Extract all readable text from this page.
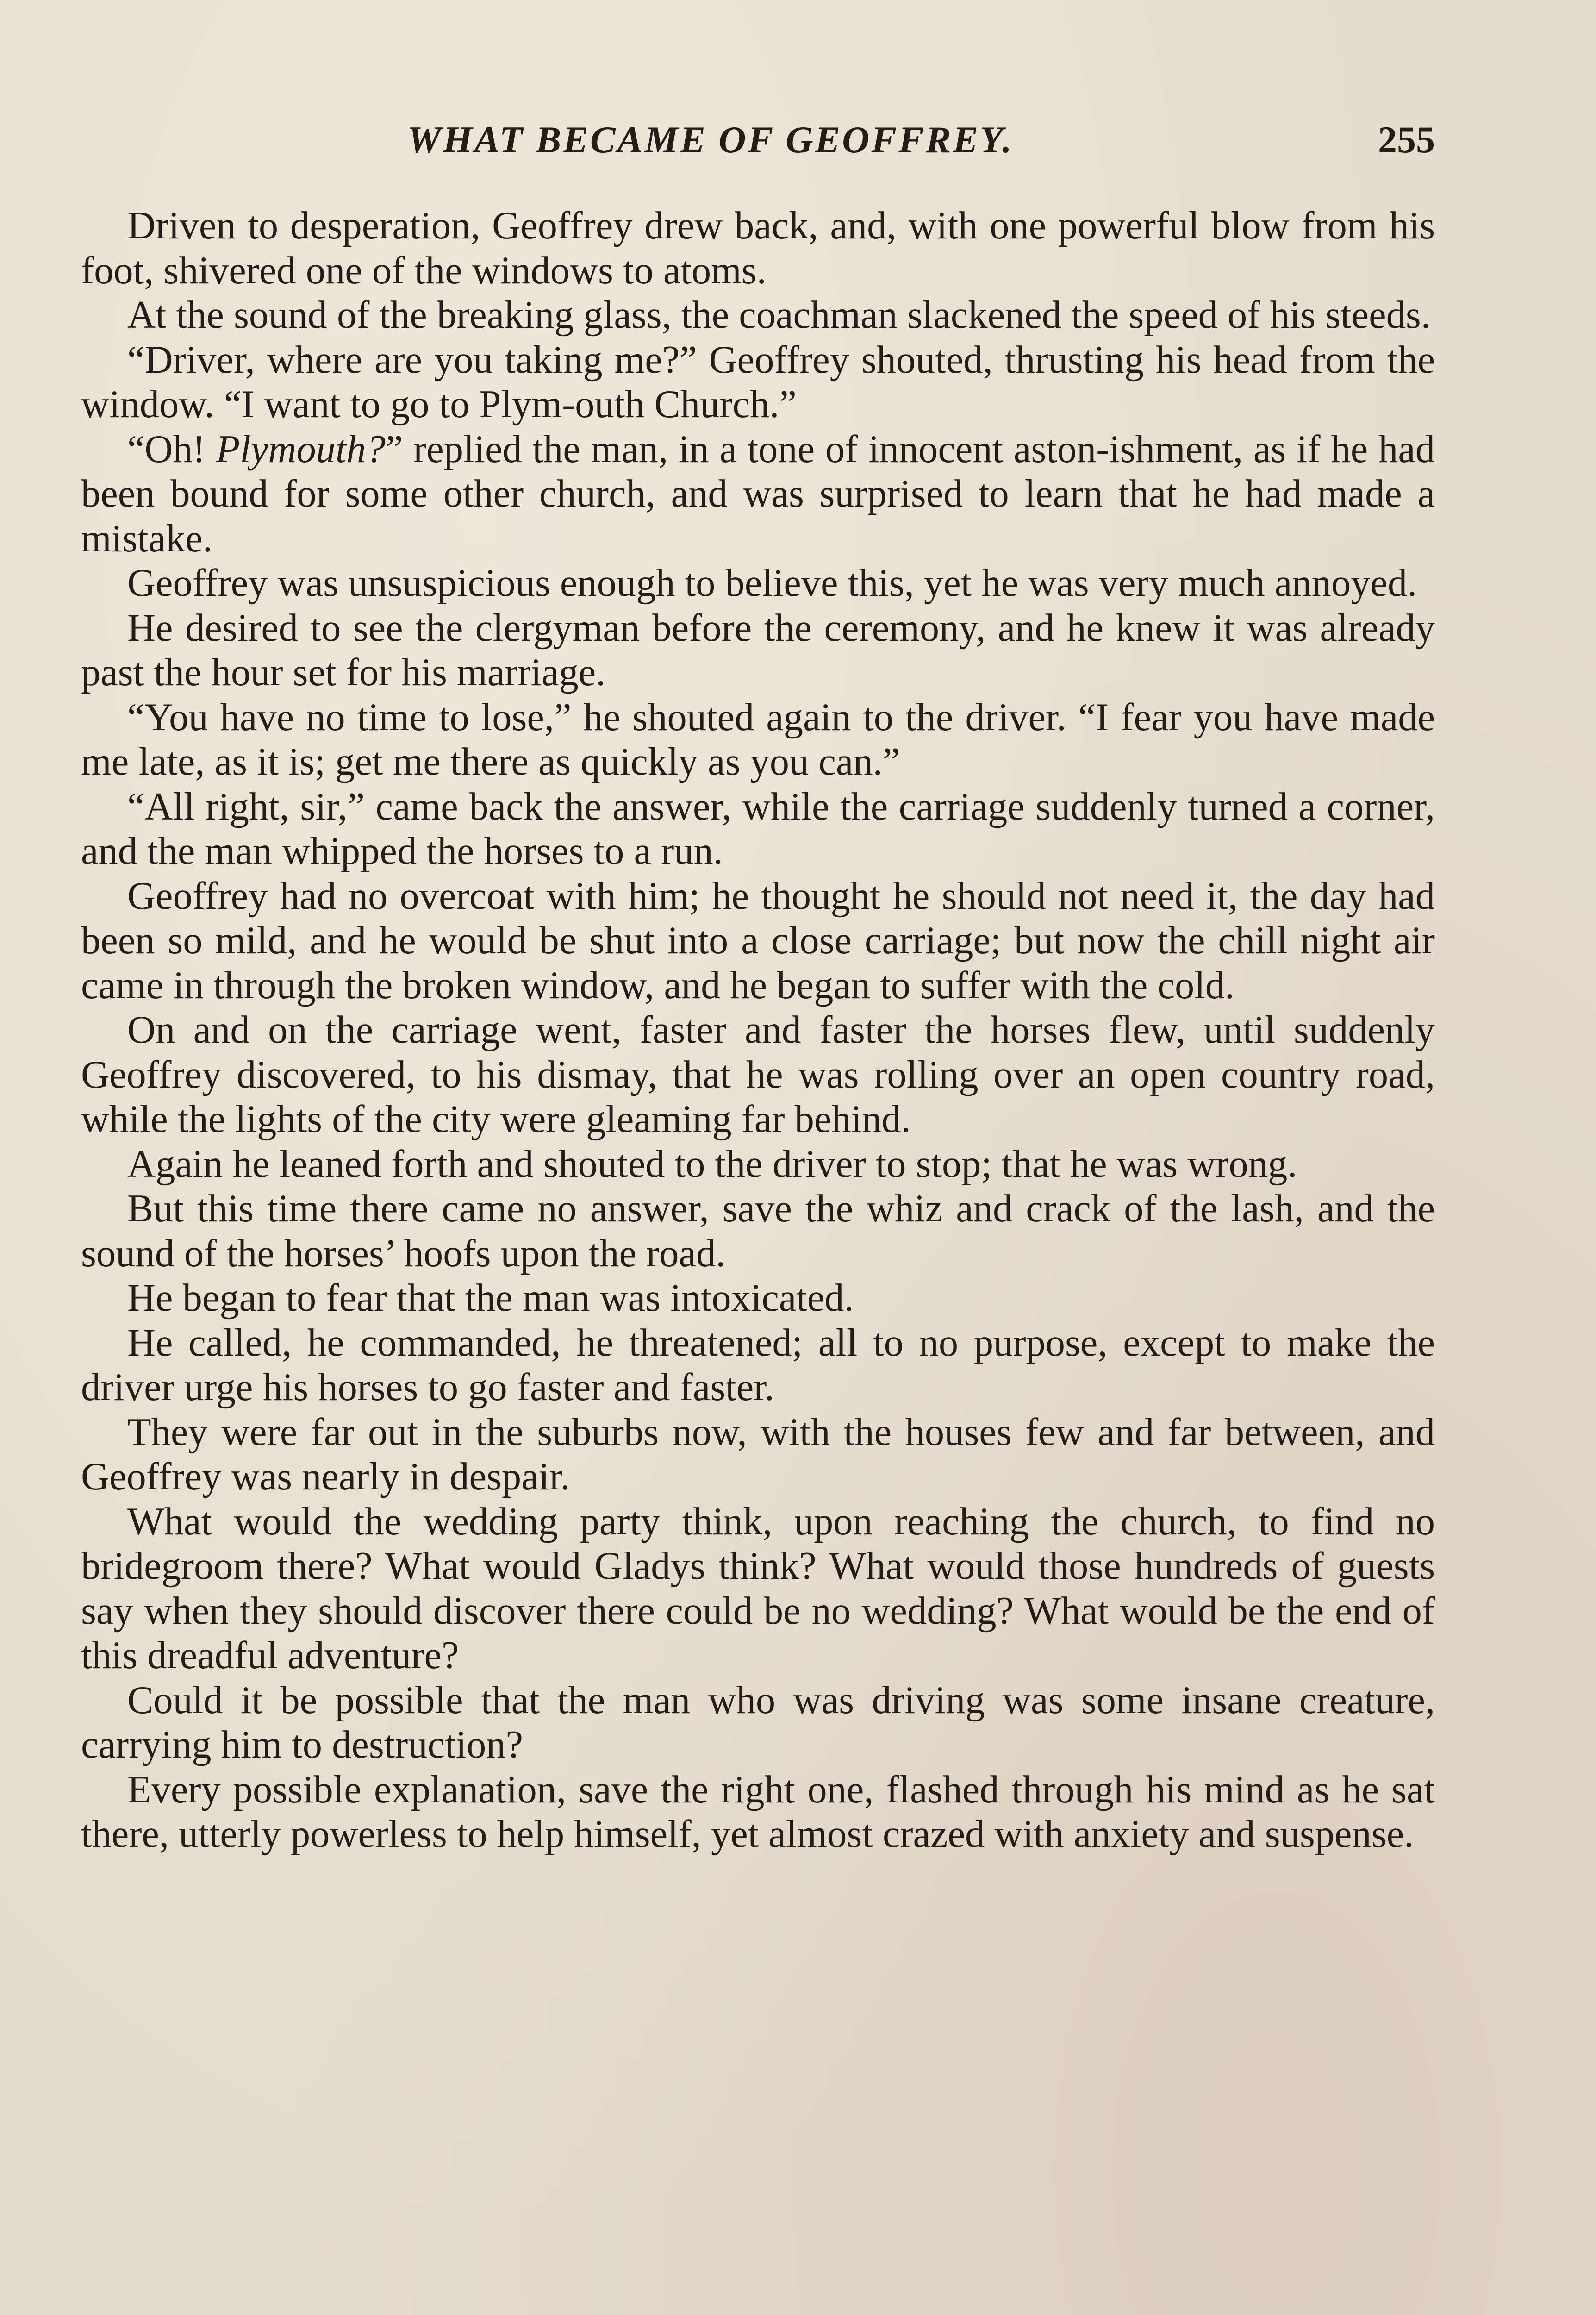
WHAT BECAME OF GEOFFREY.	255

Driven to desperation, Geoffrey drew back, and, with one powerful blow from his foot, shivered one of the windows to atoms.

At the sound of the breaking glass, the coachman slackened the speed of his steeds.

“Driver, where are you taking me?” Geoffrey shouted, thrusting his head from the window. “I want to go to Plym-outh Church.”

“Oh! Plymouth?” replied the man, in a tone of innocent aston-ishment, as if he had been bound for some other church, and was surprised to learn that he had made a mistake.

Geoffrey was unsuspicious enough to believe this, yet he was very much annoyed.

He desired to see the clergyman before the ceremony, and he knew it was already past the hour set for his marriage.

“You have no time to lose,” he shouted again to the driver. “I fear you have made me late, as it is; get me there as quickly as you can.”

“All right, sir,” came back the answer, while the carriage suddenly turned a corner, and the man whipped the horses to a run.

Geoffrey had no overcoat with him; he thought he should not need it, the day had been so mild, and he would be shut into a close carriage; but now the chill night air came in through the broken window, and he began to suffer with the cold.

On and on the carriage went, faster and faster the horses flew, until suddenly Geoffrey discovered, to his dismay, that he was rolling over an open country road, while the lights of the city were gleaming far behind.

Again he leaned forth and shouted to the driver to stop; that he was wrong.

But this time there came no answer, save the whiz and crack of the lash, and the sound of the horses’ hoofs upon the road.

He began to fear that the man was intoxicated.

He called, he commanded, he threatened; all to no purpose, except to make the driver urge his horses to go faster and faster.

They were far out in the suburbs now, with the houses few and far between, and Geoffrey was nearly in despair.

What would the wedding party think, upon reaching the church, to find no bridegroom there? What would Gladys think? What would those hundreds of guests say when they should discover there could be no wedding? What would be the end of this dreadful adventure?

Could it be possible that the man who was driving was some insane creature, carrying him to destruction?

Every possible explanation, save the right one, flashed through his mind as he sat there, utterly powerless to help himself, yet almost crazed with anxiety and suspense.
